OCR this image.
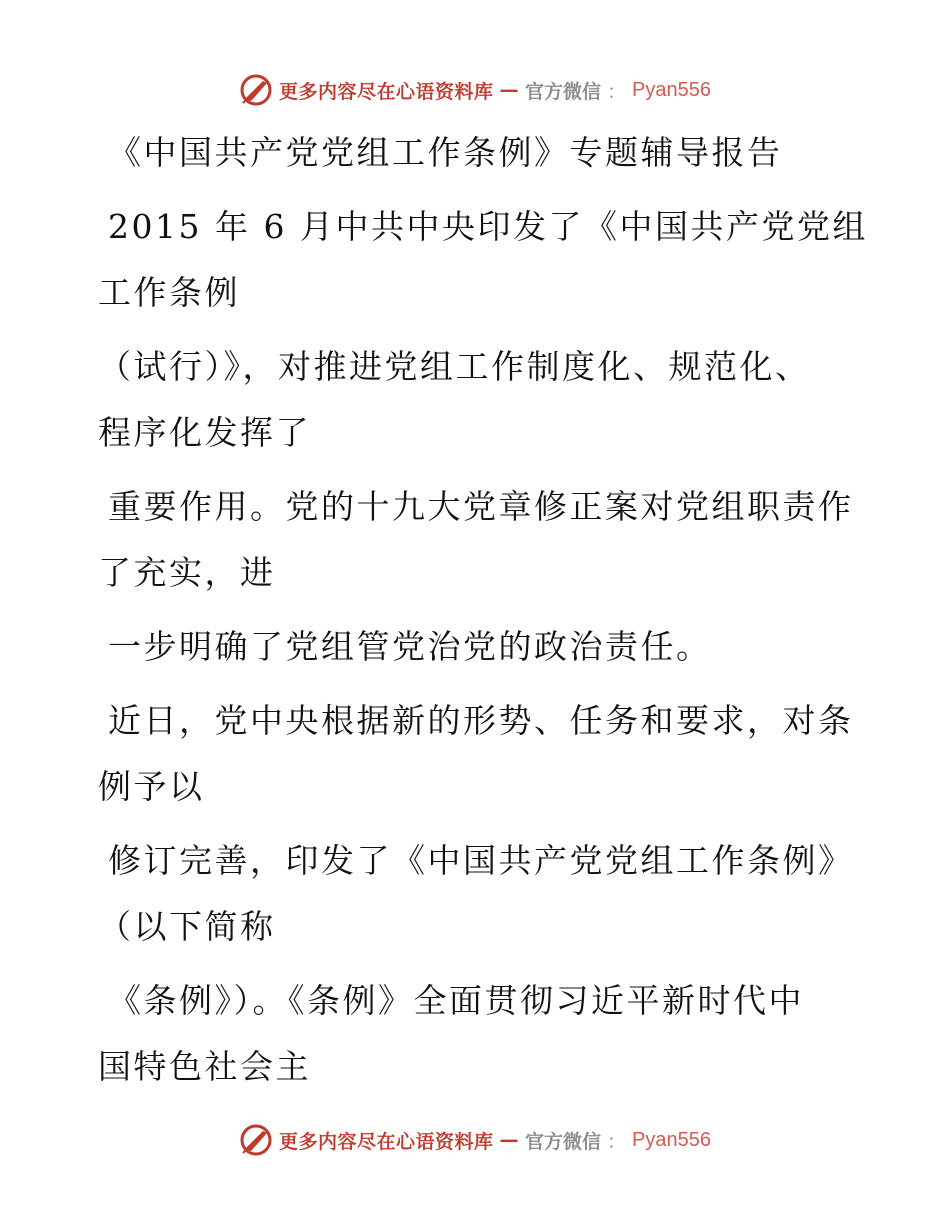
更多内容尽在心语资料库 — 官方微信 ： Pyan556
《中国共产党党组工作条例》专题辅导报告
2015 年 6 月中共中央印发了《中国共产党党组
工作条例
（试行）》，对推进党组工作制度化、规范化、
程序化发挥了
重要作用。党的十九大党章修正案对党组职责作
了充实，进
一步明确了党组管党治党的政治责任。
近日，党中央根据新的形势、任务和要求，对条
例予以
修订完善，印发了《中国共产党党组工作条例》
（以下简称
《条例》）。《条例》全面贯彻习近平新时代中
国特色社会主
更多内容尽在心语资料库 — 官方微信 ： Pyan556
